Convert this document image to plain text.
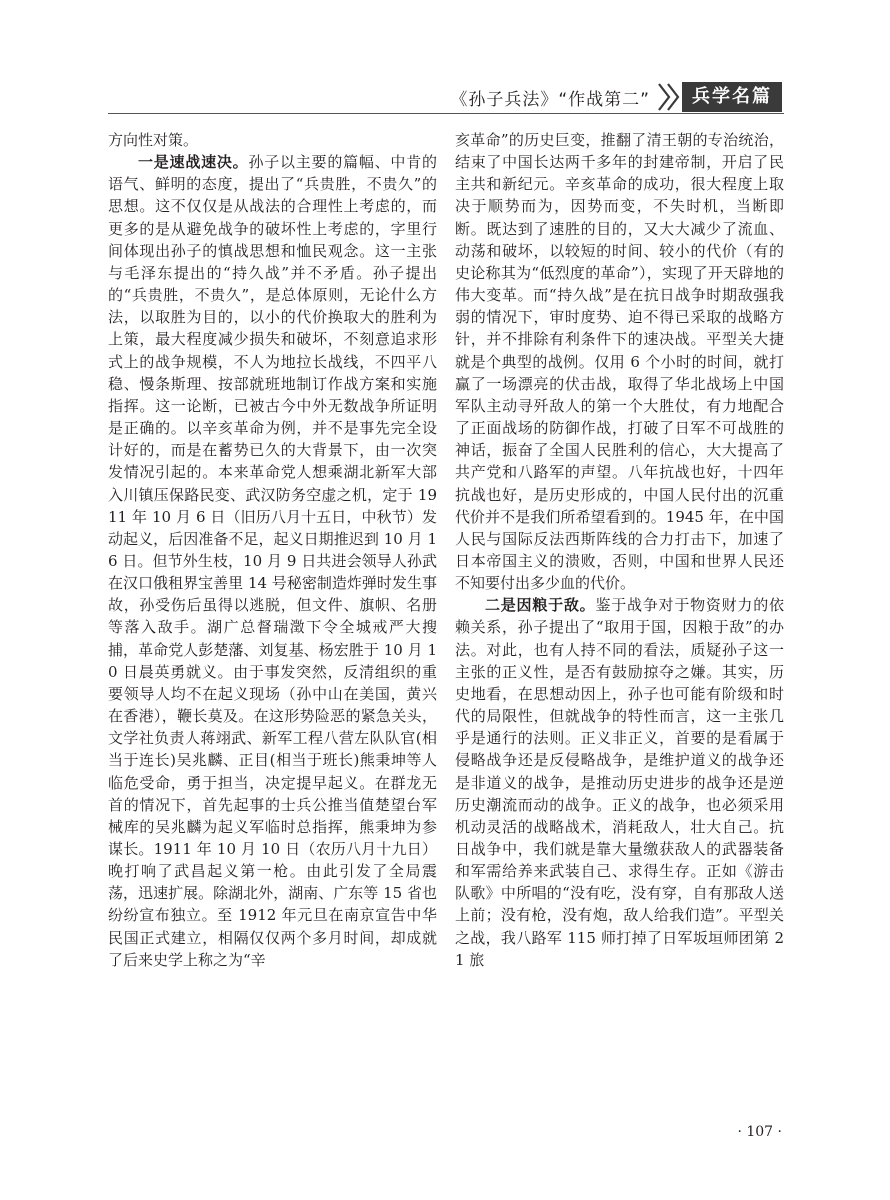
《孙子兵法》“作战第二”	兵学名篇

方向性对策。

一是速战速决。孙子以主要的篇幅、中肯的语气、鲜明的态度，提出了“兵贵胜，不贵久”的思想。这不仅仅是从战法的合理性上考虑的，而更多的是从避免战争的破坏性上考虑的，字里行间体现出孙子的慎战思想和恤民观念。这一主张与毛泽东提出的“持久战”并不矛盾。孙子提出的“兵贵胜，不贵久”，是总体原则，无论什么方法，以取胜为目的，以小的代价换取大的胜利为上策，最大程度减少损失和破坏，不刻意追求形式上的战争规模，不人为地拉长战线，不四平八稳、慢条斯理、按部就班地制订作战方案和实施指挥。这一论断，已被古今中外无数战争所证明是正确的。以辛亥革命为例，并不是事先完全设计好的，而是在蓄势已久的大背景下，由一次突发情况引起的。本来革命党人想乘湖北新军大部入川镇压保路民变、武汉防务空虚之机，定于 1911 年 10 月 6 日（旧历八月十五日，中秋节）发动起义，后因准备不足，起义日期推迟到 10 月 16 日。但节外生枝，10 月 9 日共进会领导人孙武在汉口俄租界宝善里 14 号秘密制造炸弹时发生事故，孙受伤后虽得以逃脱，但文件、旗帜、名册等落入敌手。湖广总督瑞澂下令全城戒严大搜捕，革命党人彭楚藩、刘复基、杨宏胜于 10 月 10 日晨英勇就义。由于事发突然，反清组织的重要领导人均不在起义现场（孙中山在美国，黄兴在香港），鞭长莫及。在这形势险恶的紧急关头，文学社负责人蒋翊武、新军工程八营左队队官(相当于连长)吴兆麟、正目(相当于班长)熊秉坤等人临危受命，勇于担当，决定提早起义。在群龙无首的情况下，首先起事的士兵公推当值楚望台军械库的吴兆麟为起义军临时总指挥，熊秉坤为参谋长。1911 年 10 月 10 日（农历八月十九日）晚打响了武昌起义第一枪。由此引发了全局震荡，迅速扩展。除湖北外，湖南、广东等 15 省也纷纷宣布独立。至 1912 年元旦在南京宣告中华民国正式建立，相隔仅仅两个多月时间，却成就了后来史学上称之为“辛

亥革命”的历史巨变，推翻了清王朝的专治统治，结束了中国长达两千多年的封建帝制，开启了民主共和新纪元。辛亥革命的成功，很大程度上取决于顺势而为，因势而变，不失时机，当断即断。既达到了速胜的目的，又大大减少了流血、动荡和破坏，以较短的时间、较小的代价（有的史论称其为“低烈度的革命”），实现了开天辟地的伟大变革。而“持久战”是在抗日战争时期敌强我弱的情况下，审时度势、迫不得已采取的战略方针，并不排除有利条件下的速决战。平型关大捷就是个典型的战例。仅用 6 个小时的时间，就打赢了一场漂亮的伏击战，取得了华北战场上中国军队主动寻歼敌人的第一个大胜仗，有力地配合了正面战场的防御作战，打破了日军不可战胜的神话，振奋了全国人民胜利的信心，大大提高了共产党和八路军的声望。八年抗战也好，十四年抗战也好，是历史形成的，中国人民付出的沉重代价并不是我们所希望看到的。1945 年，在中国人民与国际反法西斯阵线的合力打击下，加速了日本帝国主义的溃败，否则，中国和世界人民还不知要付出多少血的代价。

二是因粮于敌。鉴于战争对于物资财力的依赖关系，孙子提出了“取用于国，因粮于敌”的办法。对此，也有人持不同的看法，质疑孙子这一主张的正义性，是否有鼓励掠夺之嫌。其实，历史地看，在思想动因上，孙子也可能有阶级和时代的局限性，但就战争的特性而言，这一主张几乎是通行的法则。正义非正义，首要的是看属于侵略战争还是反侵略战争，是维护道义的战争还是非道义的战争，是推动历史进步的战争还是逆历史潮流而动的战争。正义的战争，也必须采用机动灵活的战略战术，消耗敌人，壮大自己。抗日战争中，我们就是靠大量缴获敌人的武器装备和军需给养来武装自己、求得生存。正如《游击队歌》中所唱的“没有吃，没有穿，自有那敌人送上前；没有枪，没有炮，敌人给我们造”。平型关之战，我八路军 115 师打掉了日军坂垣师团第 21 旅

· 107 ·
